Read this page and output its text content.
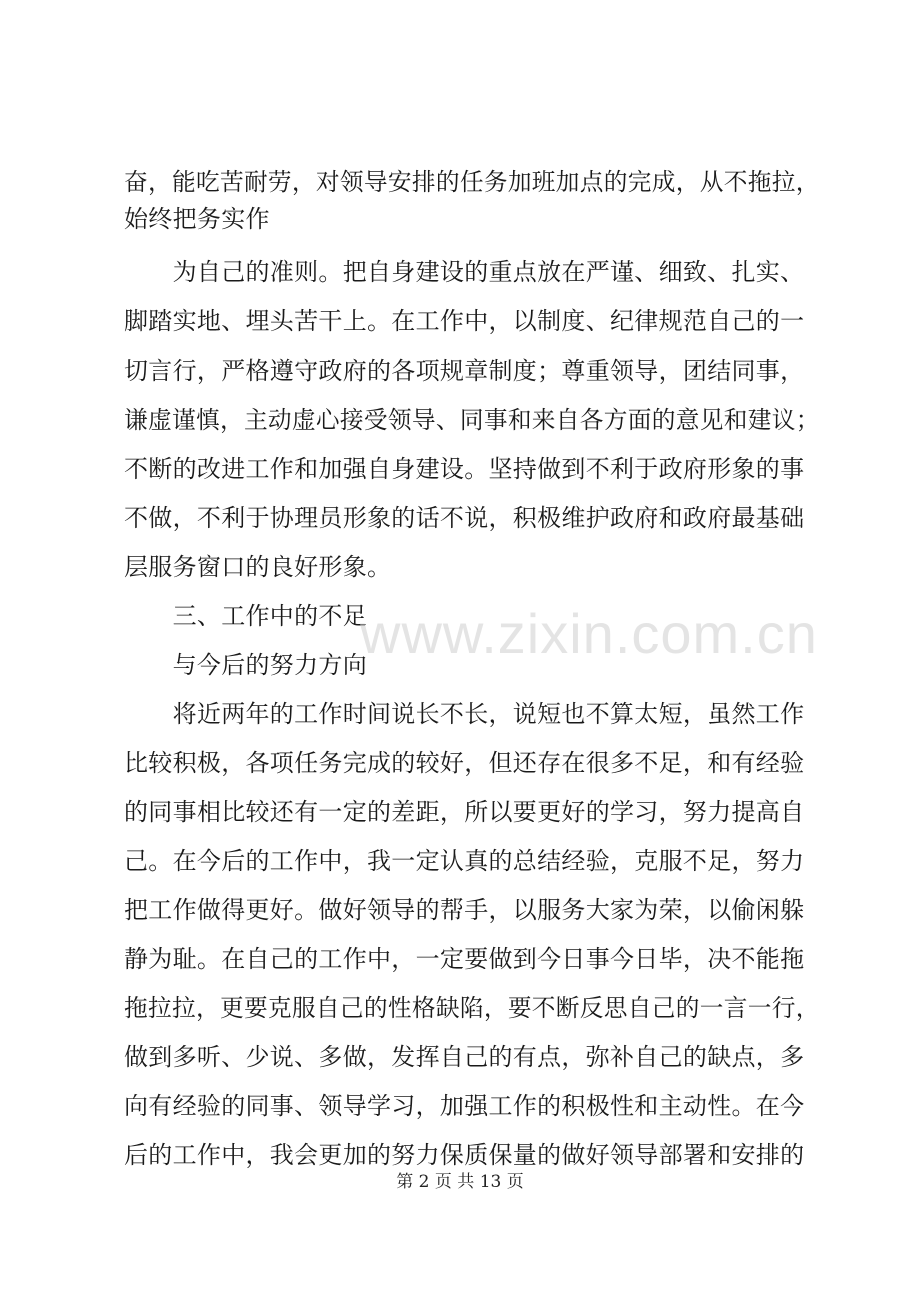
奋，能吃苦耐劳，对领导安排的任务加班加点的完成，从不拖拉，
始终把务实作
　　为自己的准则。把自身建设的重点放在严谨、细致、扎实、
脚踏实地、埋头苦干上。在工作中，以制度、纪律规范自己的一
切言行，严格遵守政府的各项规章制度；尊重领导，团结同事，
谦虚谨慎，主动虚心接受领导、同事和来自各方面的意见和建议；
不断的改进工作和加强自身建设。坚持做到不利于政府形象的事
不做，不利于协理员形象的话不说，积极维护政府和政府最基础
层服务窗口的良好形象。
　　三、工作中的不足
　　与今后的努力方向
　　将近两年的工作时间说长不长，说短也不算太短，虽然工作
比较积极，各项任务完成的较好，但还存在很多不足，和有经验
的同事相比较还有一定的差距，所以要更好的学习，努力提高自
己。在今后的工作中，我一定认真的总结经验，克服不足，努力
把工作做得更好。做好领导的帮手，以服务大家为荣，以偷闲躲
静为耻。在自己的工作中，一定要做到今日事今日毕，决不能拖
拖拉拉，更要克服自己的性格缺陷，要不断反思自己的一言一行，
做到多听、少说、多做，发挥自己的有点，弥补自己的缺点，多
向有经验的同事、领导学习，加强工作的积极性和主动性。在今
后的工作中，我会更加的努力保质保量的做好领导部署和安排的
www.zixin.com.cn
第 2 页 共 13 页
